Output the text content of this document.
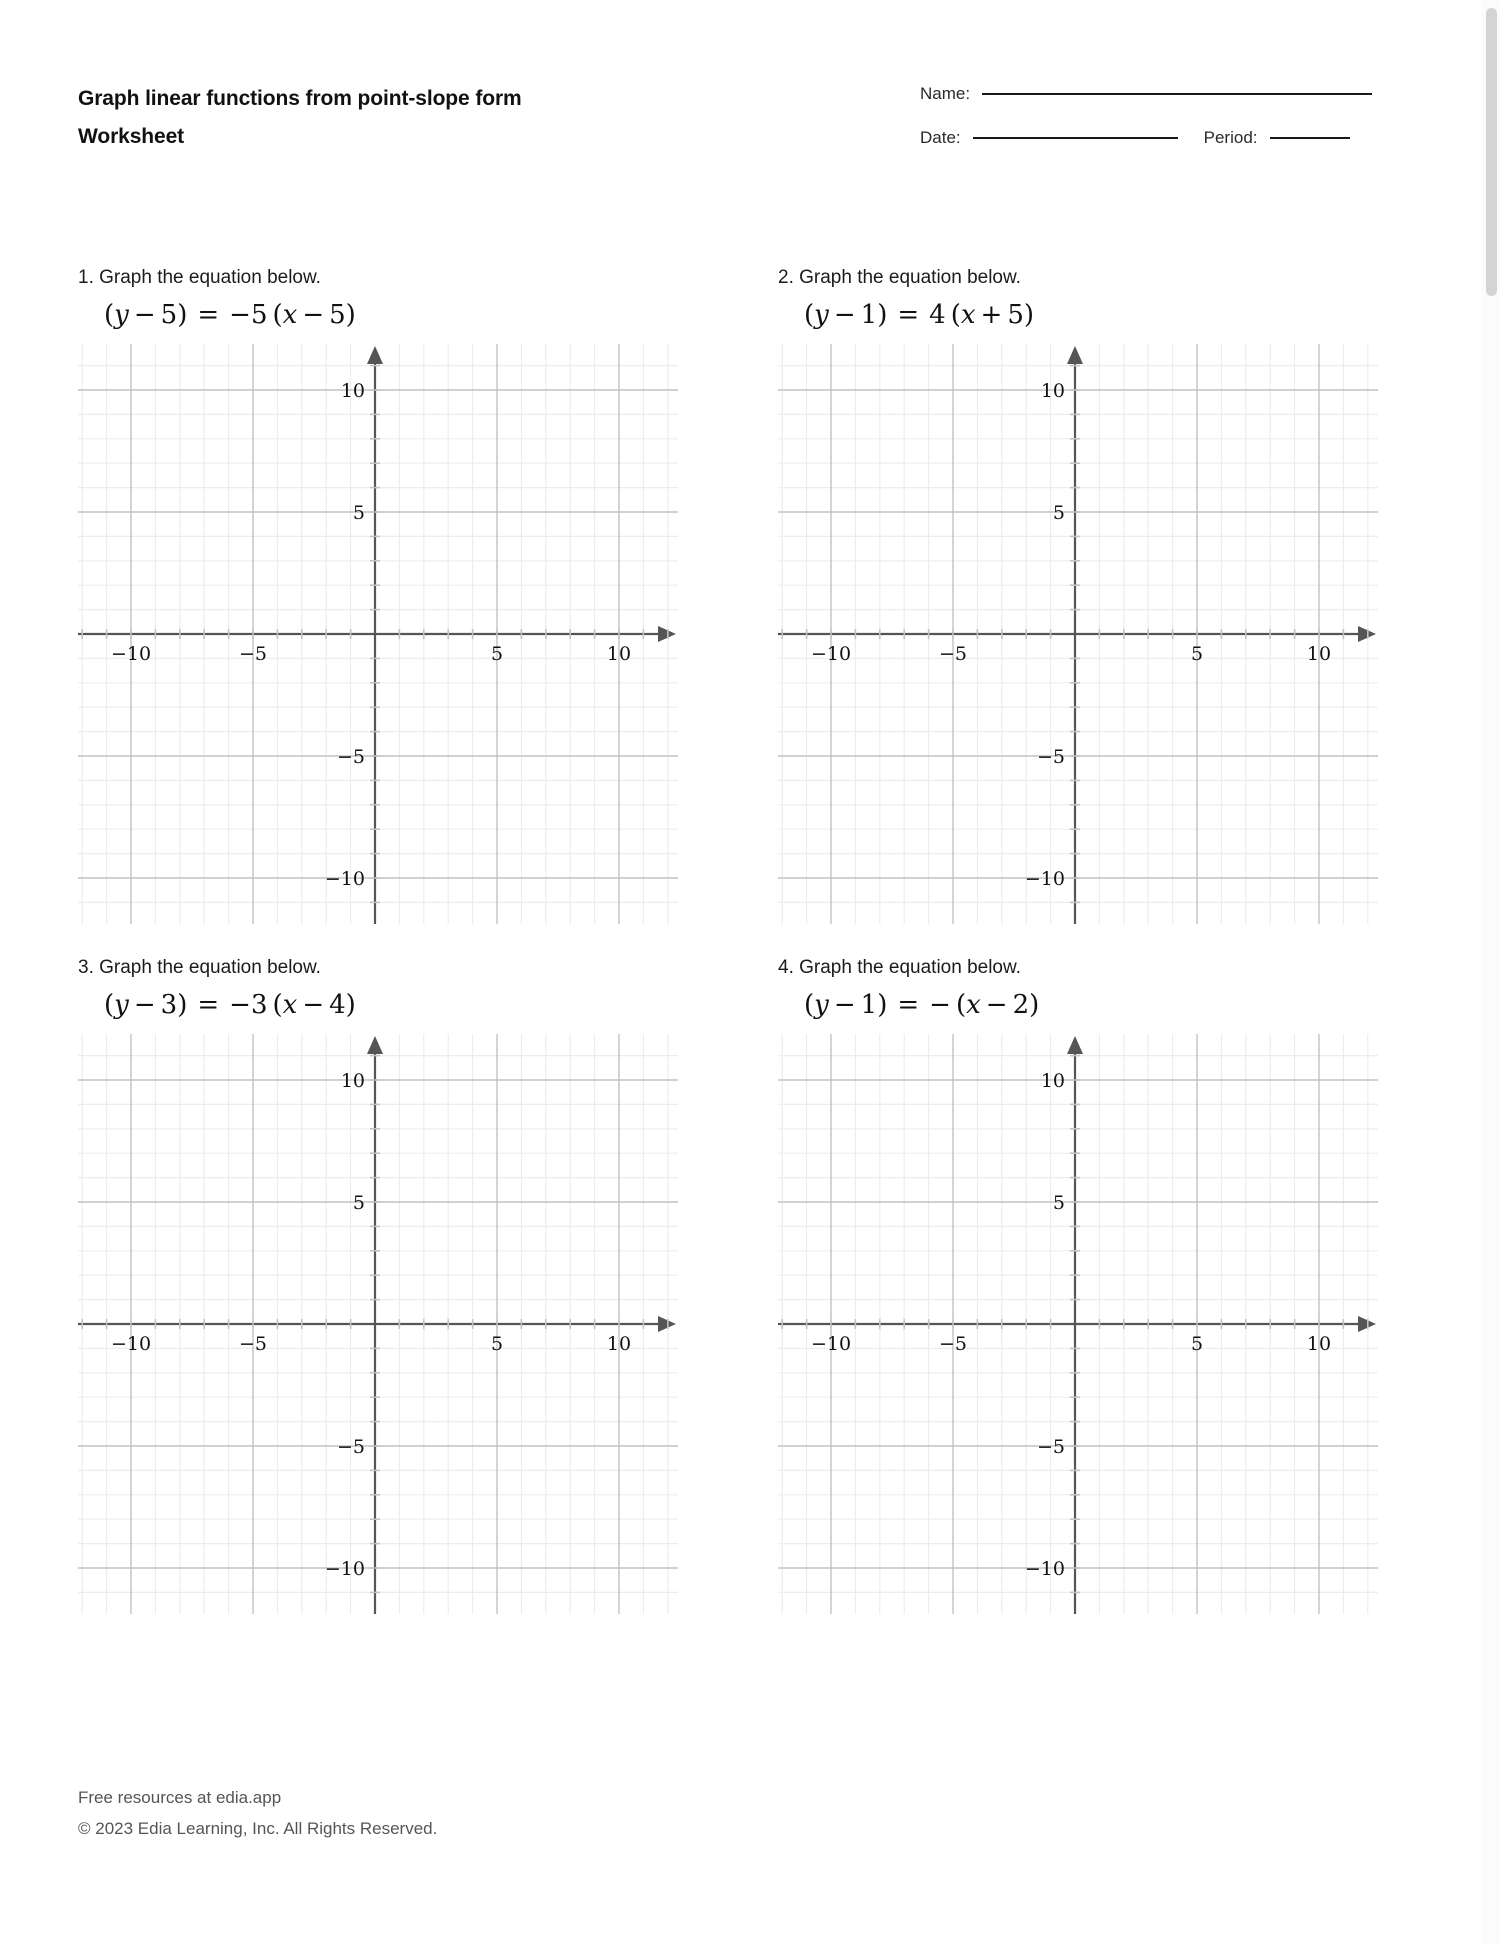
Graph linear functions from point-slope form
Worksheet
Name:
Date:	Period:
1. Graph the equation below.
(y − 5) = −5 (x − 5)
−10	−5	5	10
10
5
−5
−10
2. Graph the equation below.
(y − 1) = 4 (x + 5)
−10	−5	5	10
10
5
−5
−10
3. Graph the equation below.
(y − 3) = −3 (x − 4)
−10	−5	5	10
10
5
−5
−10
4. Graph the equation below.
(y − 1) = − (x − 2)
−10	−5	5	10
10
5
−5
−10
Free resources at edia.app
© 2023 Edia Learning, Inc. All Rights Reserved.
